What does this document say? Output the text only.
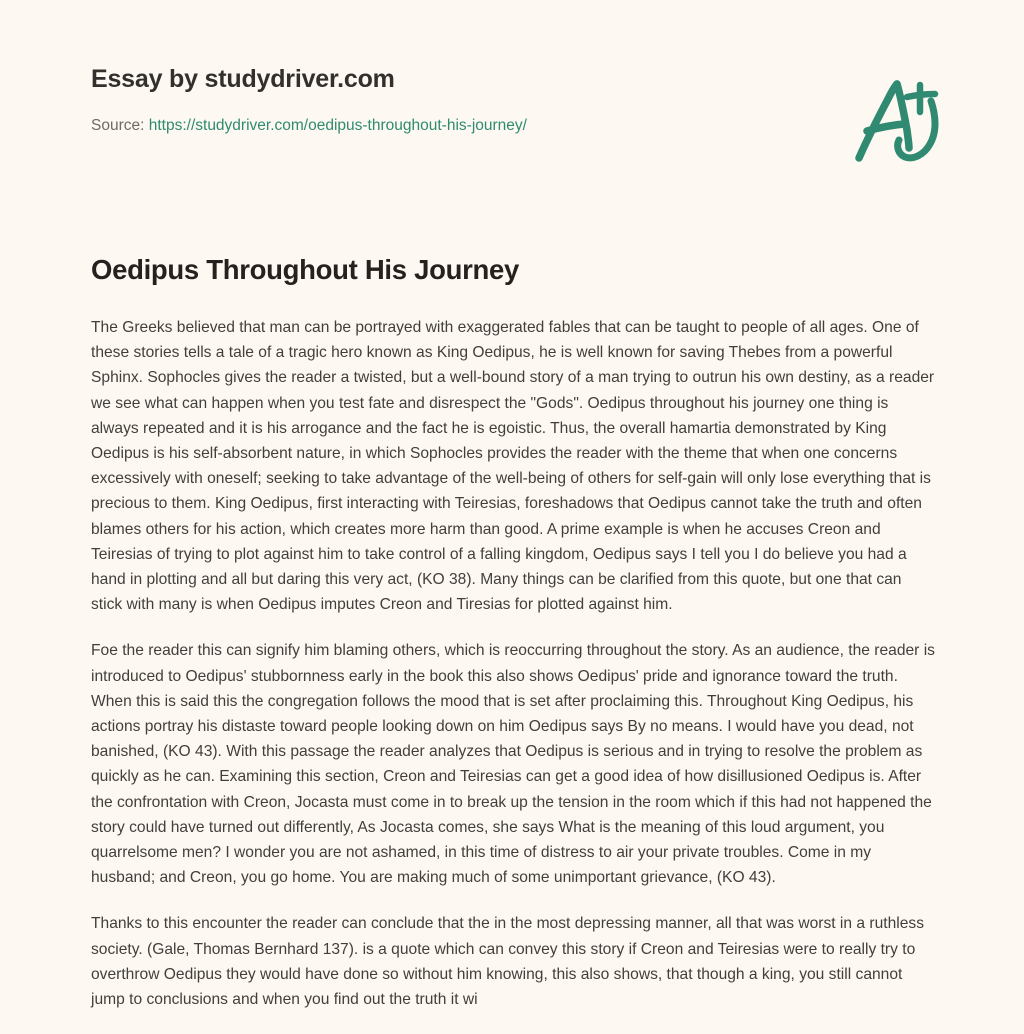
Essay by studydriver.com

Source: https://studydriver.com/oedipus-throughout-his-journey/

Oedipus Throughout His Journey

The Greeks believed that man can be portrayed with exaggerated fables that can be taught to people of all ages. One of these stories tells a tale of a tragic hero known as King Oedipus, he is well known for saving Thebes from a powerful Sphinx. Sophocles gives the reader a twisted, but a well-bound story of a man trying to outrun his own destiny, as a reader we see what can happen when you test fate and disrespect the "Gods". Oedipus throughout his journey one thing is always repeated and it is his arrogance and the fact he is egoistic. Thus, the overall hamartia demonstrated by King Oedipus is his self-absorbent nature, in which Sophocles provides the reader with the theme that when one concerns excessively with oneself; seeking to take advantage of the well-being of others for self-gain will only lose everything that is precious to them. King Oedipus, first interacting with Teiresias, foreshadows that Oedipus cannot take the truth and often blames others for his action, which creates more harm than good. A prime example is when he accuses Creon and Teiresias of trying to plot against him to take control of a falling kingdom, Oedipus says I tell you I do believe you had a hand in plotting and all but daring this very act, (KO 38). Many things can be clarified from this quote, but one that can stick with many is when Oedipus imputes Creon and Tiresias for plotted against him.

Foe the reader this can signify him blaming others, which is reoccurring throughout the story. As an audience, the reader is introduced to Oedipus' stubbornness early in the book this also shows Oedipus' pride and ignorance toward the truth. When this is said this the congregation follows the mood that is set after proclaiming this. Throughout King Oedipus, his actions portray his distaste toward people looking down on him Oedipus says By no means. I would have you dead, not banished, (KO 43). With this passage the reader analyzes that Oedipus is serious and in trying to resolve the problem as quickly as he can. Examining this section, Creon and Teiresias can get a good idea of how disillusioned Oedipus is. After the confrontation with Creon, Jocasta must come in to break up the tension in the room which if this had not happened the story could have turned out differently, As Jocasta comes, she says What is the meaning of this loud argument, you quarrelsome men? I wonder you are not ashamed, in this time of distress to air your private troubles. Come in my husband; and Creon, you go home. You are making much of some unimportant grievance, (KO 43).

Thanks to this encounter the reader can conclude that the in the most depressing manner, all that was worst in a ruthless society. (Gale, Thomas Bernhard 137). is a quote which can convey this story if Creon and Teiresias were to really try to overthrow Oedipus they would have done so without him knowing, this also shows, that though a king, you still cannot jump to conclusions and when you find out the truth it wi
